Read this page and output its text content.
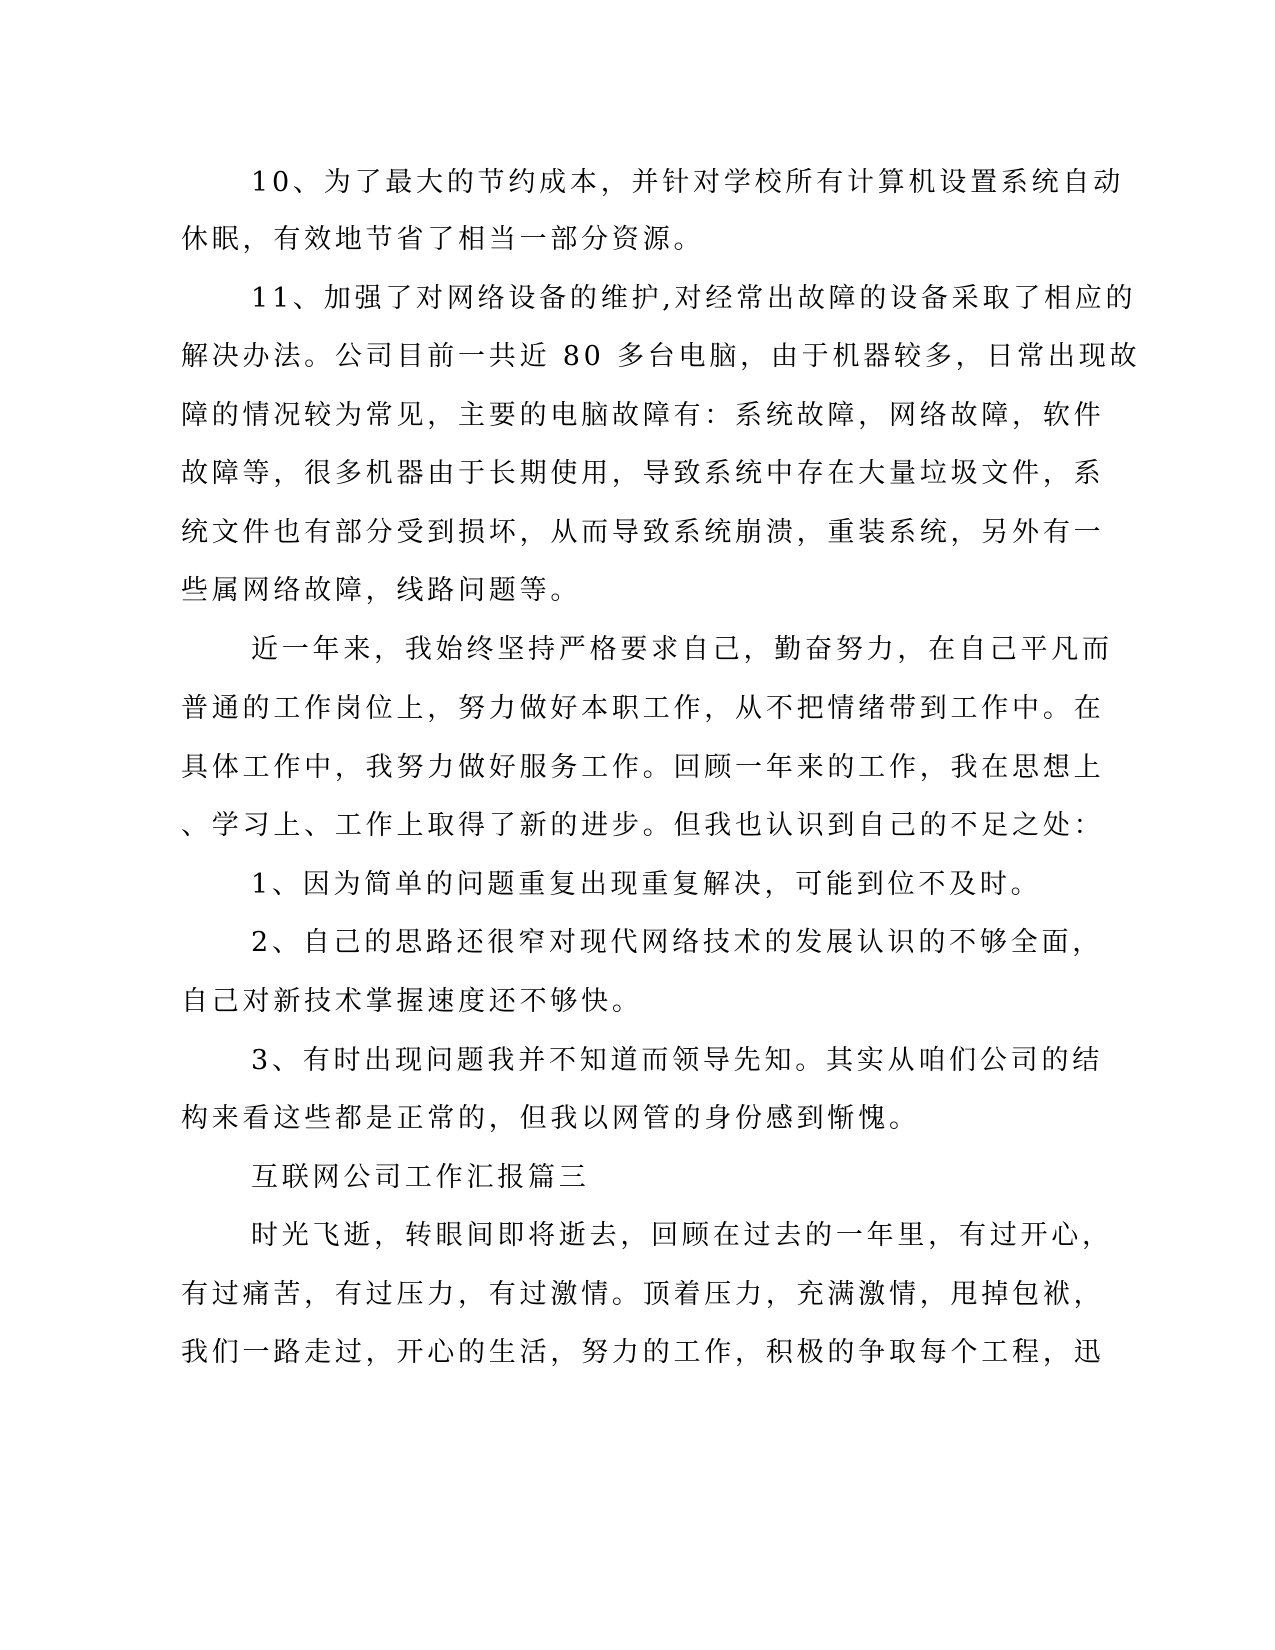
10、为了最大的节约成本，并针对学校所有计算机设置系统自动
休眠，有效地节省了相当一部分资源。
11、加强了对网络设备的维护,对经常出故障的设备采取了相应的
解决办法。公司目前一共近 80 多台电脑，由于机器较多，日常出现故
障的情况较为常见，主要的电脑故障有：系统故障，网络故障，软件
故障等，很多机器由于长期使用，导致系统中存在大量垃圾文件，系
统文件也有部分受到损坏，从而导致系统崩溃，重装系统，另外有一
些属网络故障，线路问题等。
近一年来，我始终坚持严格要求自己，勤奋努力，在自己平凡而
普通的工作岗位上，努力做好本职工作，从不把情绪带到工作中。在
具体工作中，我努力做好服务工作。回顾一年来的工作，我在思想上
、学习上、工作上取得了新的进步。但我也认识到自己的不足之处：
1、因为简单的问题重复出现重复解决，可能到位不及时。
2、自己的思路还很窄对现代网络技术的发展认识的不够全面，
自己对新技术掌握速度还不够快。
3、有时出现问题我并不知道而领导先知。其实从咱们公司的结
构来看这些都是正常的，但我以网管的身份感到惭愧。
互联网公司工作汇报篇三
时光飞逝，转眼间即将逝去，回顾在过去的一年里，有过开心，
有过痛苦，有过压力，有过激情。顶着压力，充满激情，甩掉包袱，
我们一路走过，开心的生活，努力的工作，积极的争取每个工程，迅
